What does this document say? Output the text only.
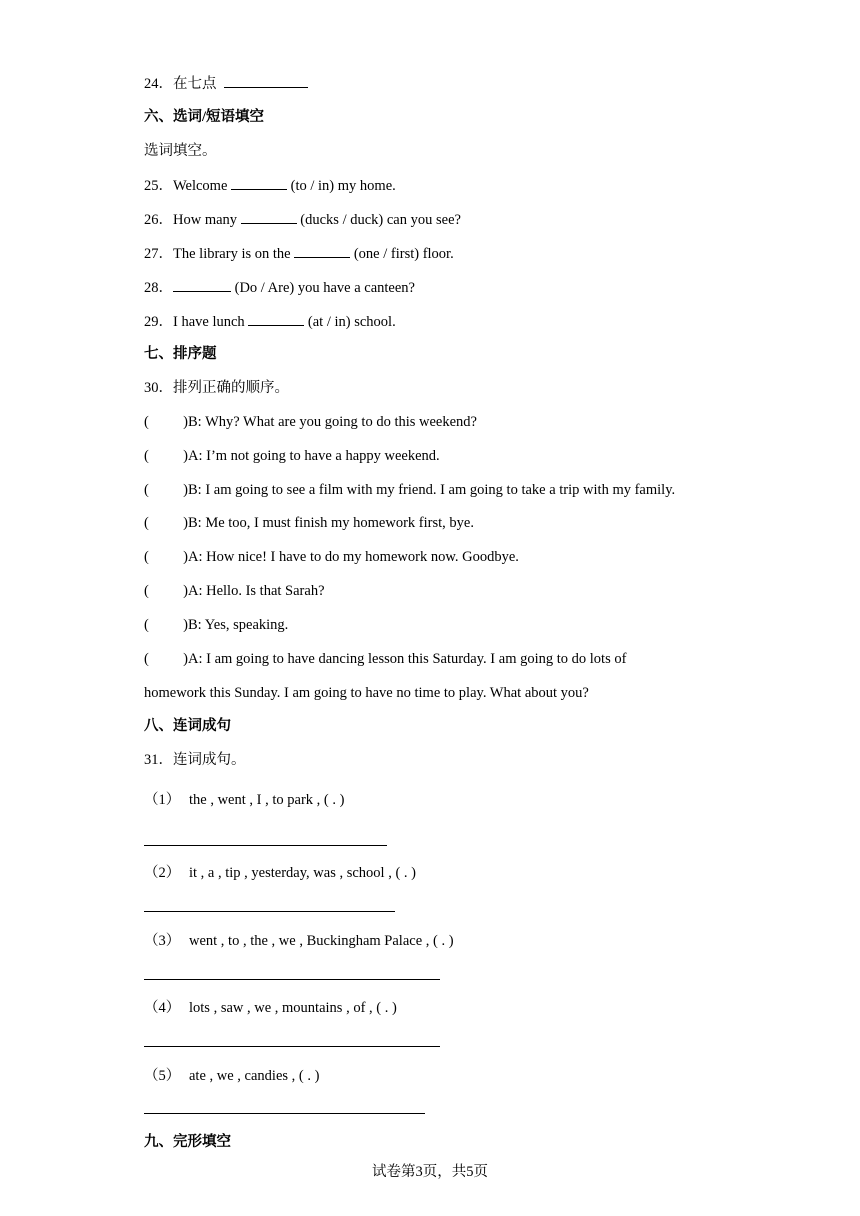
24．在七点
六、选词/短语填空
选词填空。
25．Welcome	(to / in) my home.
26．How many	(ducks / duck) can you see?
27．The library is on the	(one / first) floor.
28．	(Do / Are) you have a canteen?
29．I have lunch	(at / in) school.
七、排序题
30．排列正确的顺序。
( ) B: Why? What are you going to do this weekend?
( ) A: I’m not going to have a happy weekend.
( ) B: I am going to see a film with my friend. I am going to take a trip with my family.
( ) B: Me too, I must finish my homework first, bye.
( ) A: How nice! I have to do my homework now. Goodbye.
( ) A: Hello. Is that Sarah?
( ) B: Yes, speaking.
( ) A: I am going to have dancing lesson this Saturday. I am going to do lots of
homework this Sunday. I am going to have no time to play. What about you?
八、连词成句
31．连词成句。
（1） the , went , I , to park , ( . )
（2） it , a , tip , yesterday, was , school , ( . )
（3） went , to , the , we , Buckingham Palace , ( . )
（4） lots , saw , we , mountains , of , ( . )
（5） ate , we , candies , ( . )
九、完形填空
试卷第3页，共5页
